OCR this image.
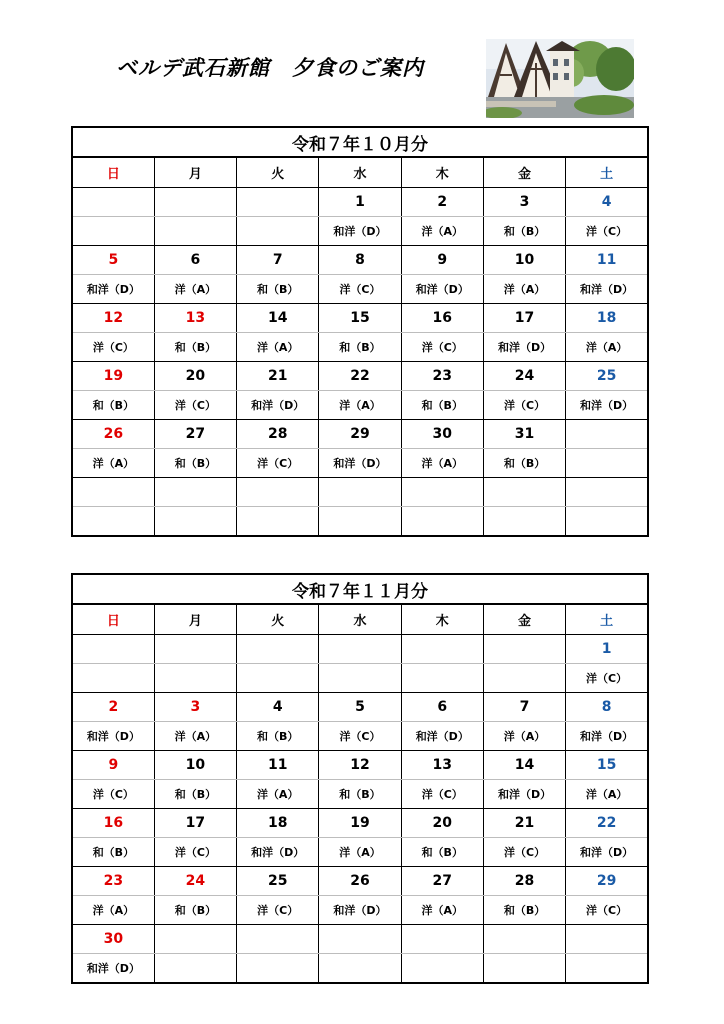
ベルデ武石新館　夕食のご案内
令和７年１０月分						
日	月	火	水	木	金	土
			1	2	3	4
			和洋（D）	洋（A）	和（B）	洋（C）
5	6	7	8	9	10	11
和洋（D）	洋（A）	和（B）	洋（C）	和洋（D）	洋（A）	和洋（D）
12	13	14	15	16	17	18
洋（C）	和（B）	洋（A）	和（B）	洋（C）	和洋（D）	洋（A）
19	20	21	22	23	24	25
和（B）	洋（C）	和洋（D）	洋（A）	和（B）	洋（C）	和洋（D）
26	27	28	29	30	31	
洋（A）	和（B）	洋（C）	和洋（D）	洋（A）	和（B）	

令和７年１１月分						
日	月	火	水	木	金	土
						1
						洋（C）
2	3	4	5	6	7	8
和洋（D）	洋（A）	和（B）	洋（C）	和洋（D）	洋（A）	和洋（D）
9	10	11	12	13	14	15
洋（C）	和（B）	洋（A）	和（B）	洋（C）	和洋（D）	洋（A）
16	17	18	19	20	21	22
和（B）	洋（C）	和洋（D）	洋（A）	和（B）	洋（C）	和洋（D）
23	24	25	26	27	28	29
洋（A）	和（B）	洋（C）	和洋（D）	洋（A）	和（B）	洋（C）
30						
和洋（D）						
